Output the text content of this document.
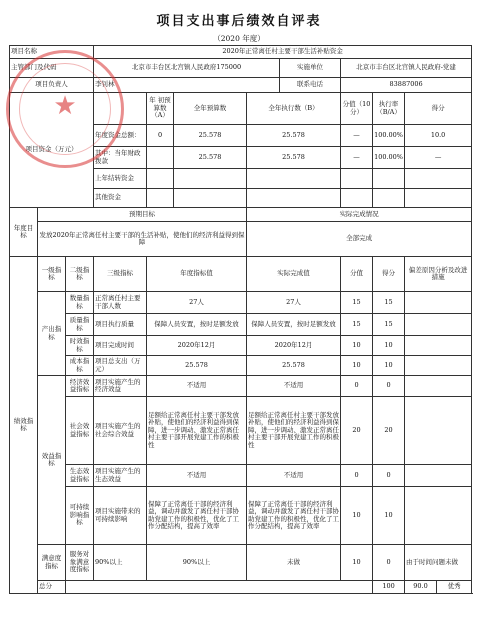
项目支出事后绩效自评表
（2020 年度）
项目名称			2020年正常离任村主要干部生活补贴资金								
主管部门及代码			北京市丰台区北宫镇人民政府175000				实施单位	北京市丰台区北宫镇人民政府-党建			
项目负责人			李钊林				联系电话	83887006			
项目资金（万元）				年 初预算数（A）	全年预算数	全年执行数（B）		分值（10分）	执行率（B/A）	得分	
			年度资金总额：	0	25.578	25.578		—	100.00%	10.0	
			其中：当年财政拨款		25.578	25.578		—	100.00%	—	
			上年结转资金								
			其他资金								
年度目标	预期目标					实际完成情况					
	发放2020年正常离任村主要干部的生活补贴，使他们的经济利益得到保障					全部完成					
绩效指标	一级指标	二级指标	三级指标	年度指标值		实际完成值		分值	得分	偏差原因分析及改进措施	
	产出指标	数量指标	正常离任村主要干部人数	27人		27人		15	15		
		质量指标	项目执行质量	保障人员安置，按时足额发放		保障人员安置，按时足额发放		15	15		
		时效指标	项目完成时间	2020年12月		2020年12月		10	10		
		成本指标	项目总支出（万元）	25.578		25.578		10	10		
	效益指标	经济效益指标	项目实施产生的经济效益	不适用		不适用		0	0		
		社会效益指标	项目实施产生的社会综合效益	足额给正常离任村主要干部发放补贴，使他们的经济利益得到保障，进一步调动、激发正常离任村主要干部开展党建工作的积极性		足额给正常离任村主要干部发放补贴，使他们的经济利益得到保障，进一步调动、激发正常离任村主要干部开展党建工作的积极性		20	20		
		生态效益指标	项目实施产生的生态效益	不适用		不适用		0	0		
		可持续影响指标	项目实施带来的可持续影响	保障了正常离任干部的经济利益，调动并激发了离任村干部协助党建工作的积极性，优化了工作分配结构，提高了效率		保障了正常离任干部的经济利益，调动并激发了离任村干部协助党建工作的积极性，优化了工作分配结构，提高了效率		10	10		
	满意度指标	服务对象满意度指标	90%以上	90%以上		未做		10	0	由于时间问题未做	
	总分								100	90.0	优秀
★
